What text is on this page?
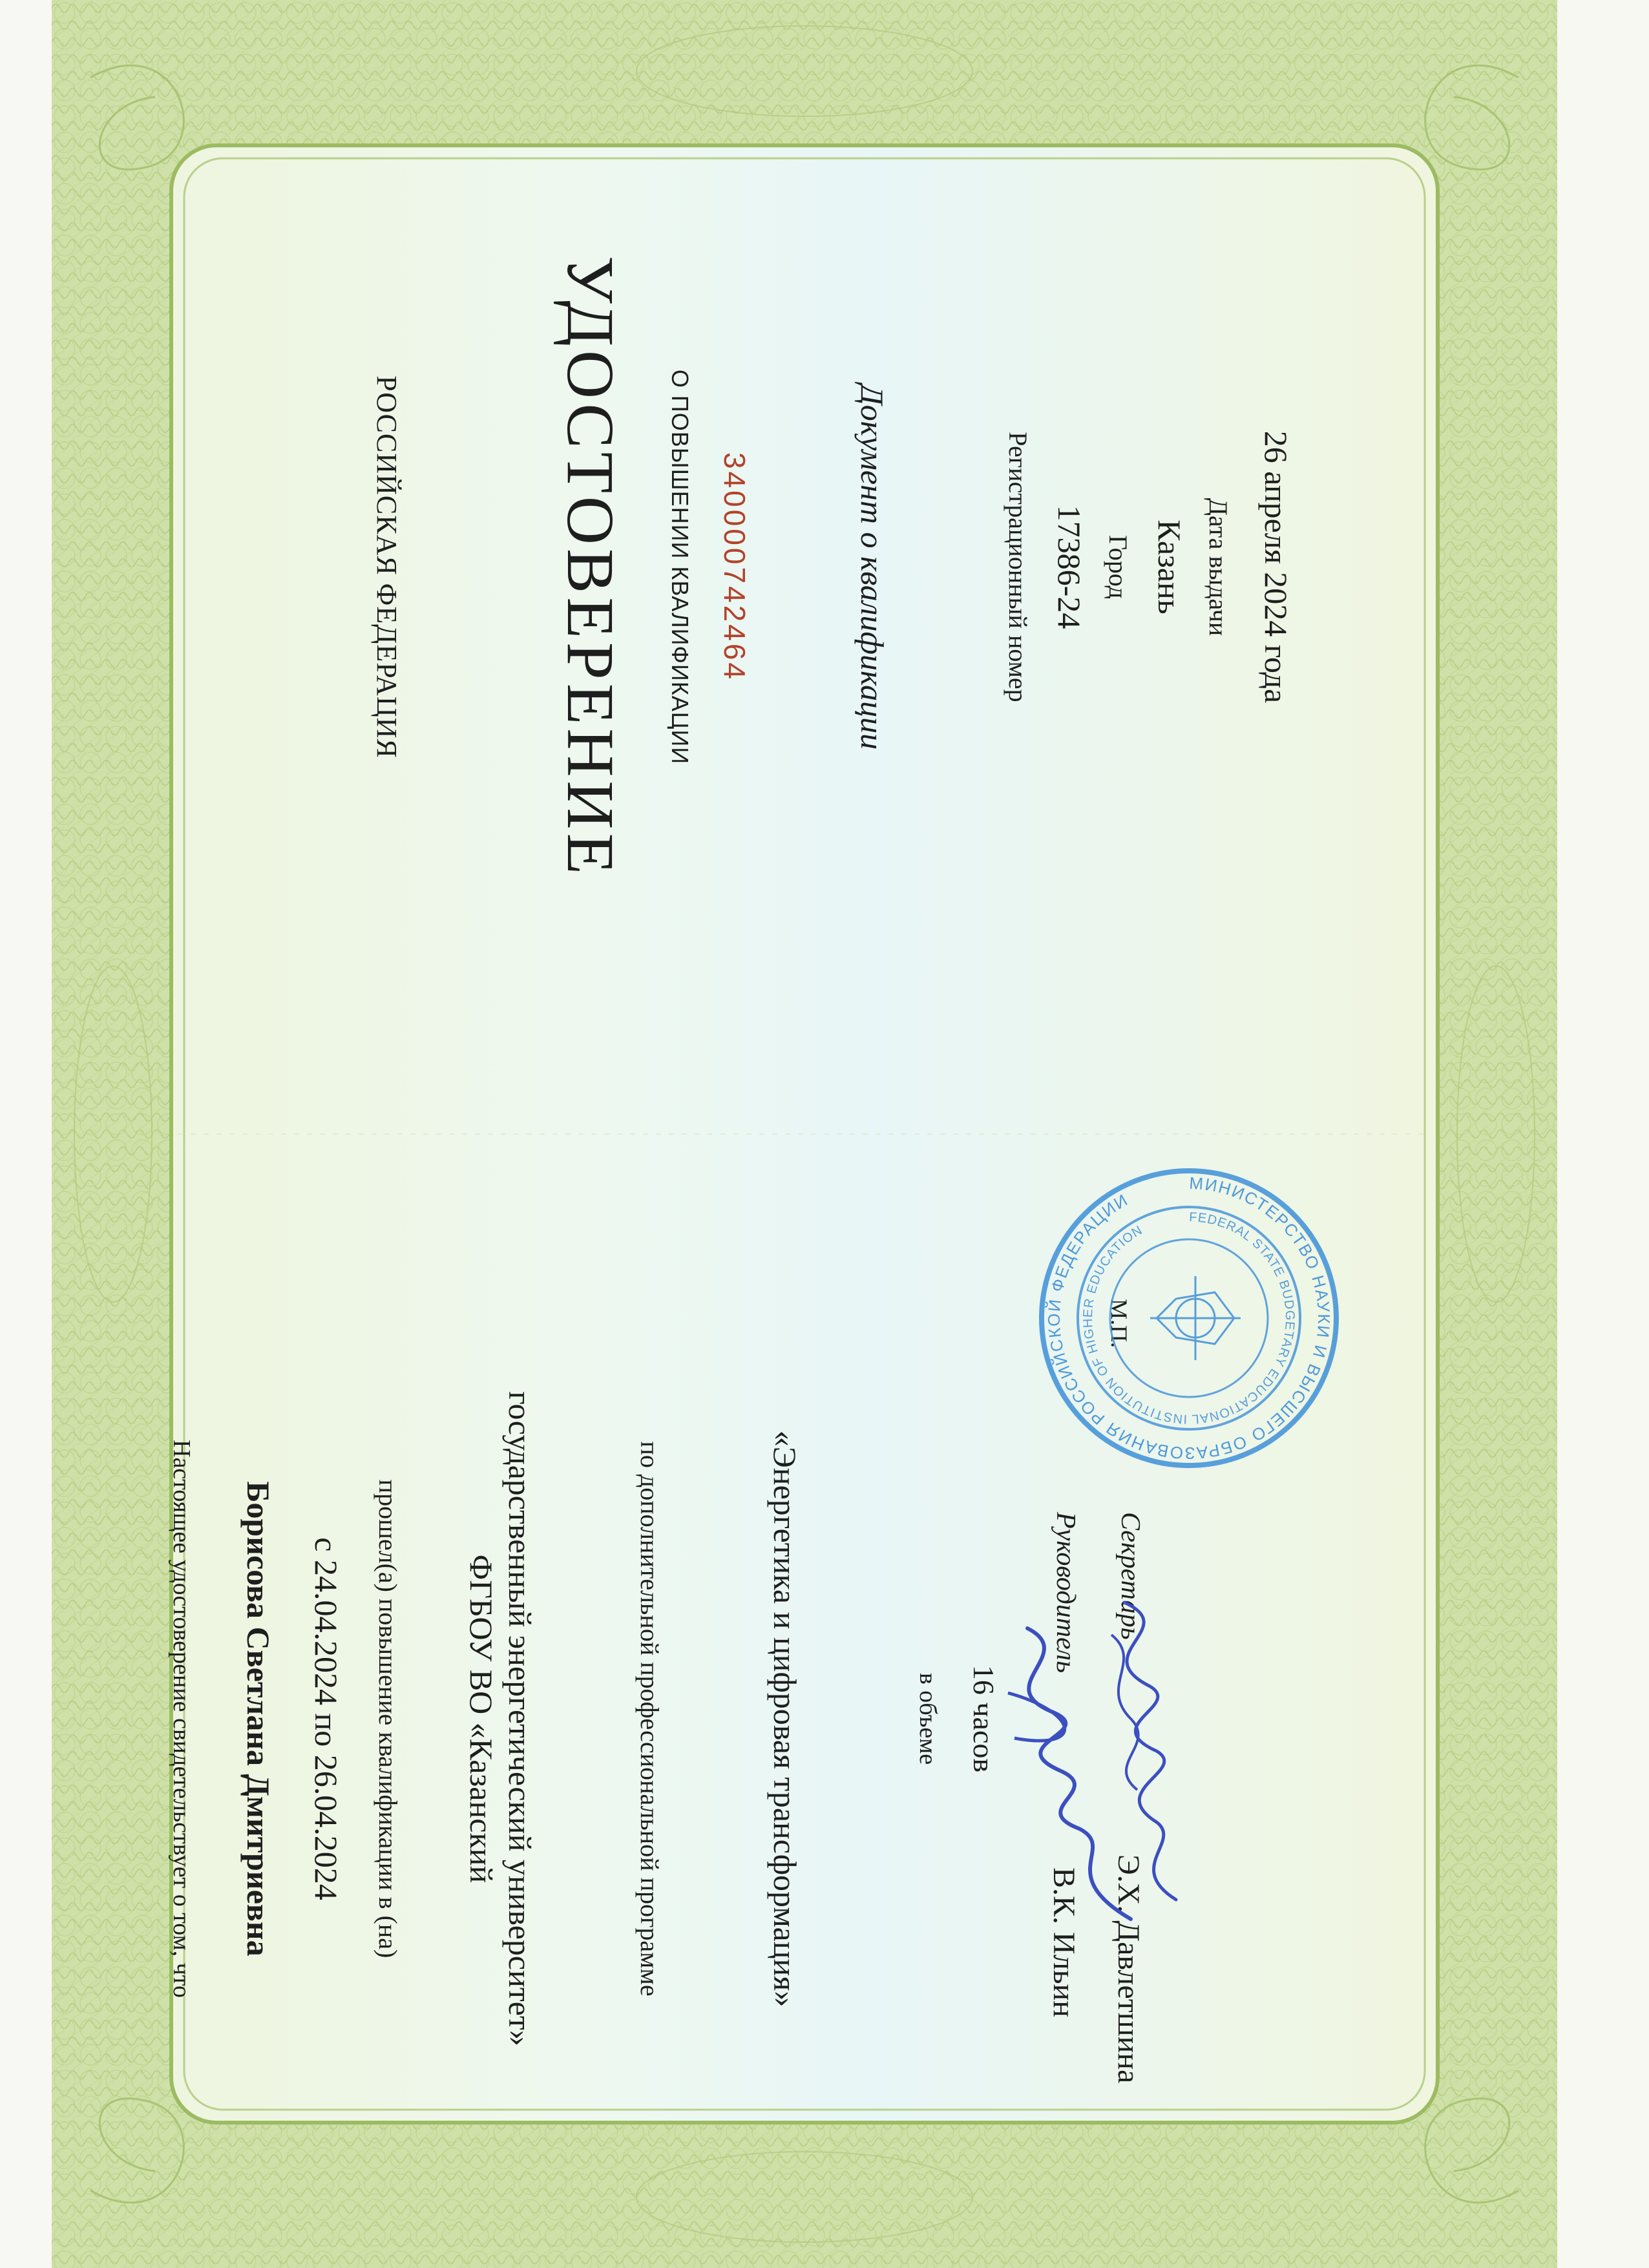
РОССИЙСКАЯ ФЕДЕРАЦИЯ УДОСТОВЕРЕНИЕ О ПОВЫШЕНИИ КВАЛИФИКАЦИИ 340000742464	Документ о квалификации	Регистрационный номер 17386-24 Город Казань Дата выдачи 26 апреля 2024 года
Настоящее удостоверение свидетельствует о том, что Борисова Светлана Дмитриевна с 24.04.2024 по 26.04.2024 прошел(а) повышение квалификации в (на) ФГБОУ ВО «Казанский государственный энергетический университет»	по дополнительной профессиональной программе	«Энергетика и цифровая трансформация»	в объеме 16 часов
Руководитель
В.К. Ильин
Секретарь
Э.Х. Давлетшина
М.П.
МИНИСТЕРСТВО НАУКИ И ВЫСШЕГО ОБРАЗОВАНИЯ РОССИЙСКОЙ ФЕДЕРАЦИИ
FEDERAL STATE BUDGETARY EDUCATIONAL INSTITUTION OF HIGHER EDUCATION
